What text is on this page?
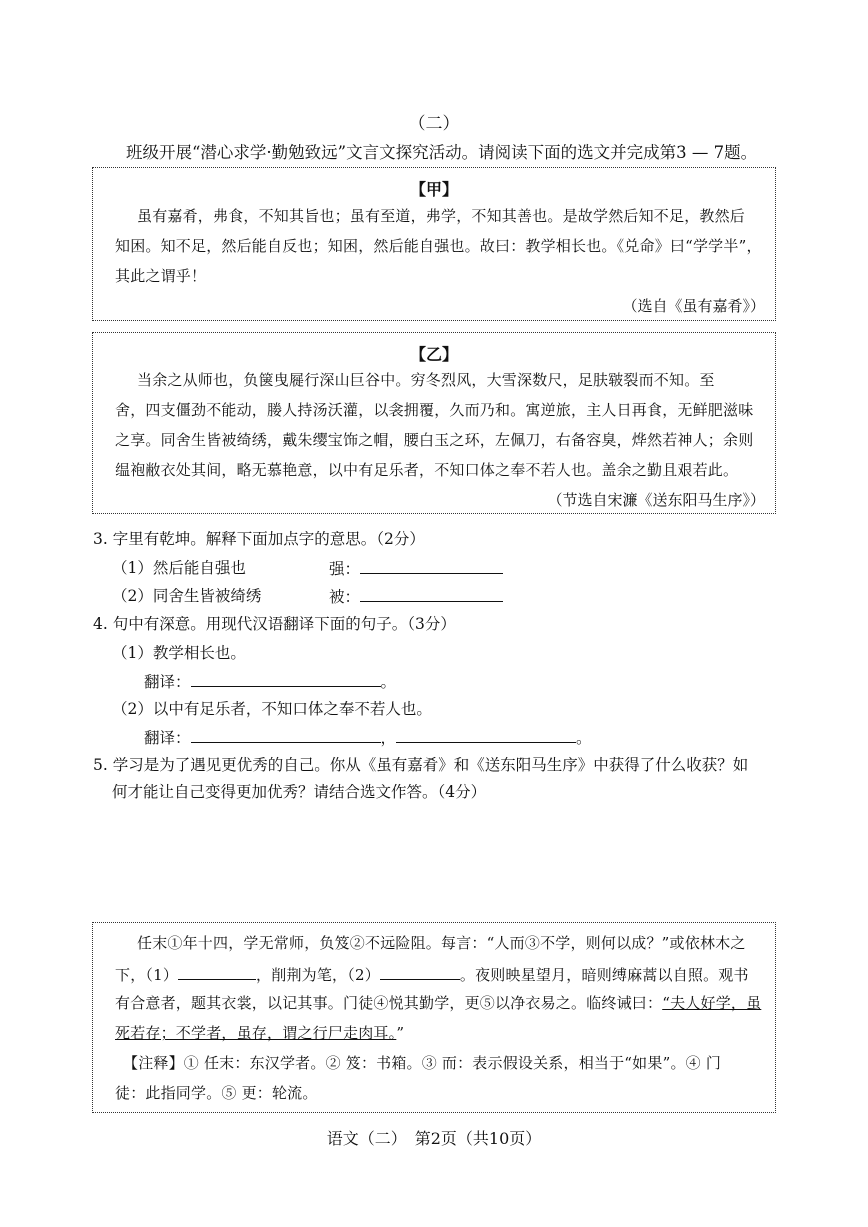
（二）
班级开展“潜心求学·勤勉致远”文言文探究活动。请阅读下面的选文并完成第3 — 7题。
【甲】
虽有嘉肴，弗食，不知其旨也；虽有至道，弗学，不知其善也。是故学然后知不足，教然后
知困。知不足，然后能自反也；知困，然后能自强也。故曰：教学相长也。《兑命》曰“学学半”，
其此之谓乎！
（选自《虽有嘉肴》）
【乙】
当余之从师也，负箧曳屣行深山巨谷中。穷冬烈风，大雪深数尺，足肤皲裂而不知。至
舍，四支僵劲不能动，媵人持汤沃灌，以衾拥覆，久而乃和。寓逆旅，主人日再食，无鲜肥滋味
之享。同舍生皆被绮绣，戴朱缨宝饰之帽，腰白玉之环，左佩刀，右备容臭，烨然若神人；余则
缊袍敝衣处其间，略无慕艳意，以中有足乐者，不知口体之奉不若人也。盖余之勤且艰若此。
（节选自宋濂《送东阳马生序》）
3. 字里有乾坤。解释下面加点字的意思。（2分）
（1）然后能自强也	强：
（2）同舍生皆被绮绣	被：
4. 句中有深意。用现代汉语翻译下面的句子。（3分）
（1）教学相长也。
翻译：	。
（2）以中有足乐者，不知口体之奉不若人也。
翻译：	，	。
5. 学习是为了遇见更优秀的自己。你从《虽有嘉肴》和《送东阳马生序》中获得了什么收获？如
何才能让自己变得更加优秀？请结合选文作答。（4分）
任末①年十四，学无常师，负笈②不远险阻。每言：“人而③不学，则何以成？”或依林木之
下，（1）	，削荆为笔，（2）	。夜则映星望月，暗则缚麻蒿以自照。观书
有合意者，题其衣裳，以记其事。门徒④悦其勤学，更⑤以净衣易之。临终诫曰：“夫人好学，虽
死若存；不学者，虽存，谓之行尸走肉耳。”
【注释】① 任末：东汉学者。② 笈：书箱。③ 而：表示假设关系，相当于“如果”。④ 门
徒：此指同学。⑤ 更：轮流。
语文（二）　第2页（共10页）
